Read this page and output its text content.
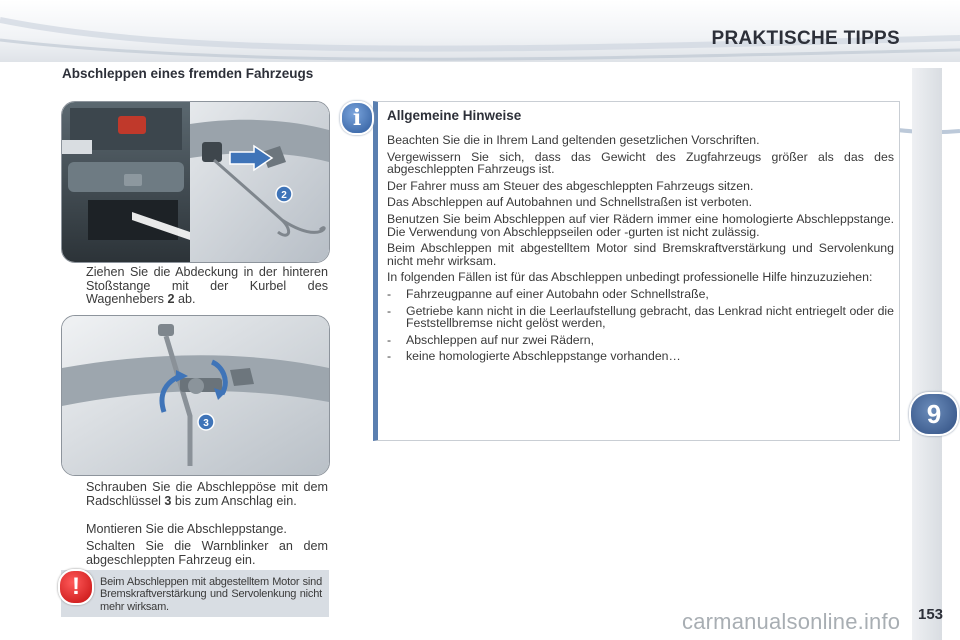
PRAKTISCHE TIPPS
9
153
carmanualsonline.info
Abschleppen eines fremden Fahrzeugs
2
Ziehen Sie die Abdeckung in der hinteren Stoßstange mit der Kurbel des Wagenhebers 2 ab.
3
Schrauben Sie die Abschleppöse mit dem Radschlüssel 3 bis zum Anschlag ein.
Montieren Sie die Abschleppstange.
Schalten Sie die Warnblinker an dem abgeschleppten Fahrzeug ein.
!	Beim Abschleppen mit abgestelltem Motor sind Bremskraftverstärkung und Servolenkung nicht mehr wirksam.
i	Allgemeine Hinweise

Beachten Sie die in Ihrem Land geltenden gesetzlichen Vorschriften.

Vergewissern Sie sich, dass das Gewicht des Zugfahrzeugs größer als das des abgeschleppten Fahrzeugs ist.

Der Fahrer muss am Steuer des abgeschleppten Fahrzeugs sitzen.

Das Abschleppen auf Autobahnen und Schnellstraßen ist verboten.

Benutzen Sie beim Abschleppen auf vier Rädern immer eine homologierte Abschleppstange. Die Verwendung von Abschleppseilen oder -gurten ist nicht zulässig.

Beim Abschleppen mit abgestelltem Motor sind Bremskraftverstärkung und Servolenkung nicht mehr wirksam.

In folgenden Fällen ist für das Abschleppen unbedingt professionelle Hilfe hinzuzuziehen:

-	Fahrzeugpanne auf einer Autobahn oder Schnellstraße,
-	Getriebe kann nicht in die Leerlaufstellung gebracht, das Lenkrad nicht entriegelt oder die Feststellbremse nicht gelöst werden,
-	Abschleppen auf nur zwei Rädern,
-	keine homologierte Abschleppstange vorhanden…
